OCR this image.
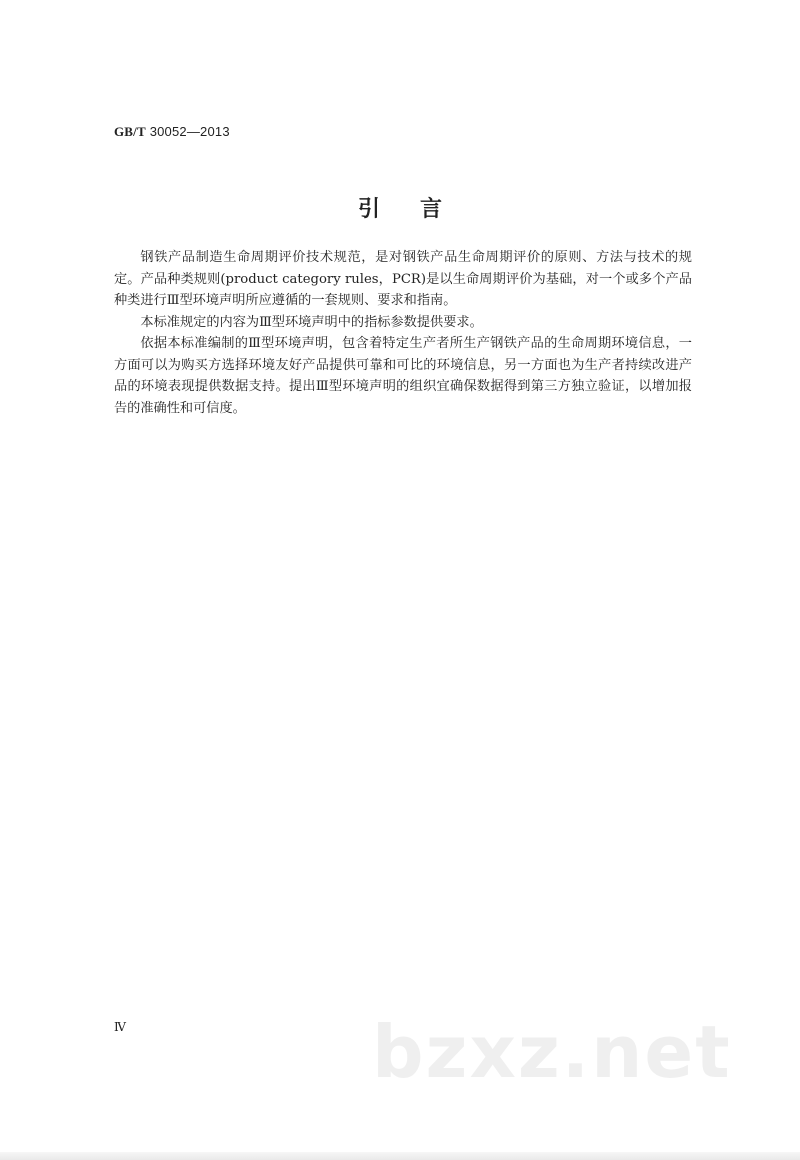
GB/T 30052—2013
引言

钢铁产品制造生命周期评价技术规范，是对钢铁产品生命周期评价的原则、方法与技术的规定。产品种类规则(product category rules，PCR)是以生命周期评价为基础，对一个或多个产品种类进行Ⅲ型环境声明所应遵循的一套规则、要求和指南。

本标准规定的内容为Ⅲ型环境声明中的指标参数提供要求。

依据本标准编制的Ⅲ型环境声明，包含着特定生产者所生产钢铁产品的生命周期环境信息，一方面可以为购买方选择环境友好产品提供可靠和可比的环境信息，另一方面也为生产者持续改进产品的环境表现提供数据支持。提出Ⅲ型环境声明的组织宜确保数据得到第三方独立验证，以增加报告的准确性和可信度。

Ⅳ	bzxz.net
